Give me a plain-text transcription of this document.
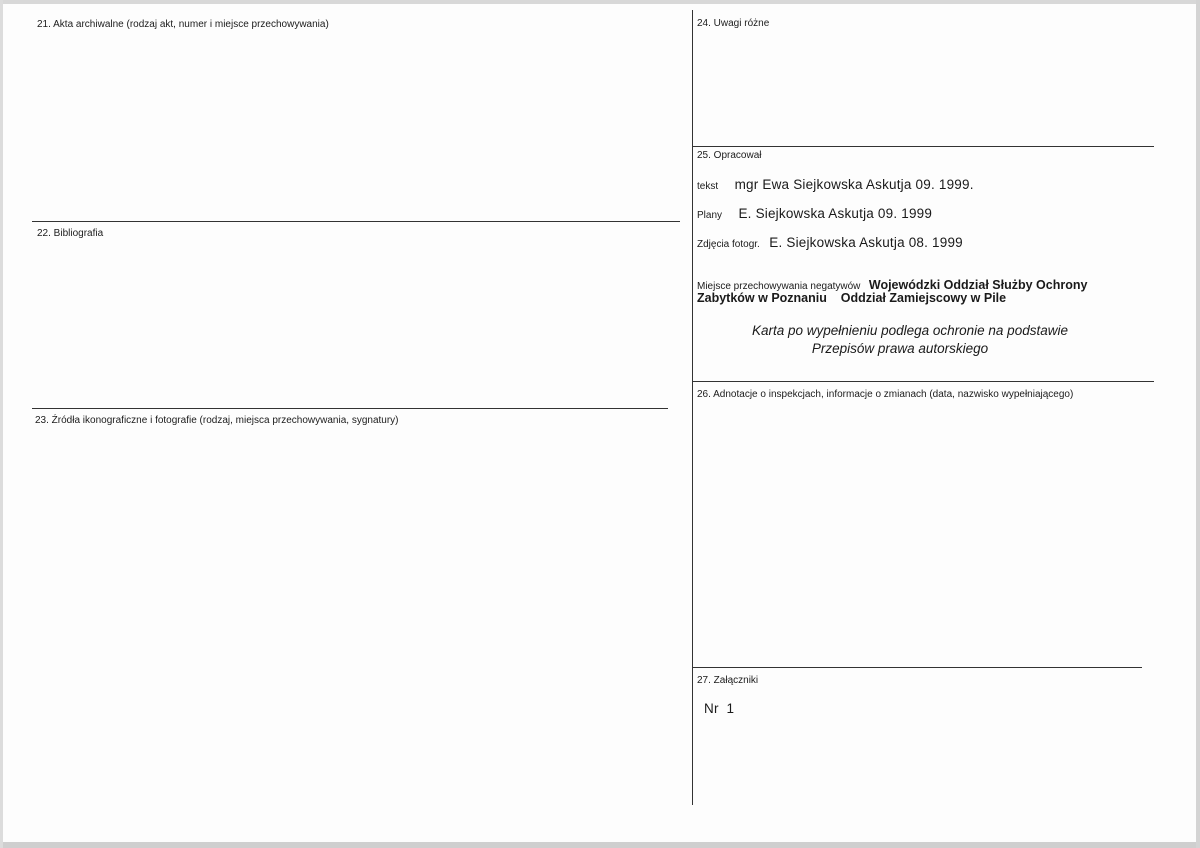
21. Akta archiwalne (rodzaj akt, numer i miejsce przechowywania)
22. Bibliografia
23. Źródła ikonograficzne i fotografie (rodzaj, miejsca przechowywania, sygnatury)
24. Uwagi różne
25. Opracował
tekst mgr Ewa Siejkowska Askutja 09. 1999.
Plany E. Siejkowska Askutja 09. 1999
Zdjęcia fotogr. E. Siejkowska Askutja 08. 1999
Miejsce przechowywania negatywów Wojewódzki Oddział Służby Ochrony
Zabytków w Poznaniu    Oddział Zamiejscowy w Pile
Karta po wypełnieniu podlega ochronie na podstawie
Przepisów prawa autorskiego
26. Adnotacje o inspekcjach, informacje o zmianach (data, nazwisko wypełniającego)
27. Załączniki
Nr  1
